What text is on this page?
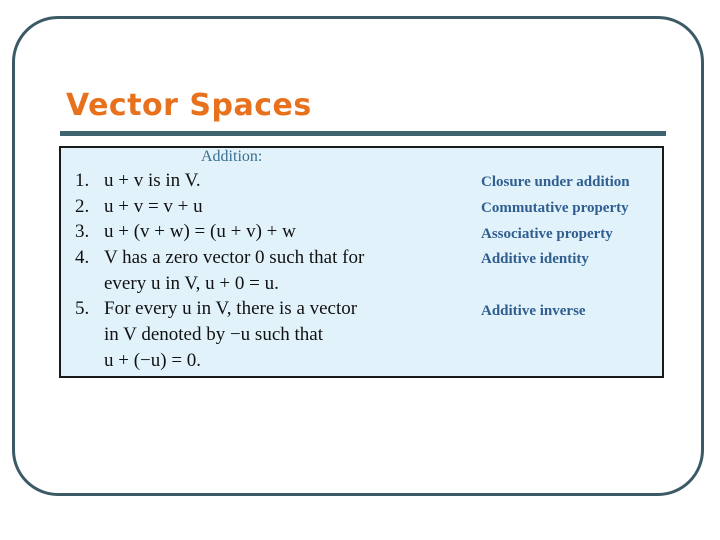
Vector Spaces
Addition:
1. u + v is in V.
2. u + v = v + u
3. u + (v + w) = (u + v) + w
4. V has a zero vector 0 such that for
every u in V, u + 0 = u.
5. For every u in V, there is a vector
in V denoted by −u such that
u + (−u) = 0.
Closure under addition
Commutative property
Associative property
Additive identity
Additive inverse
